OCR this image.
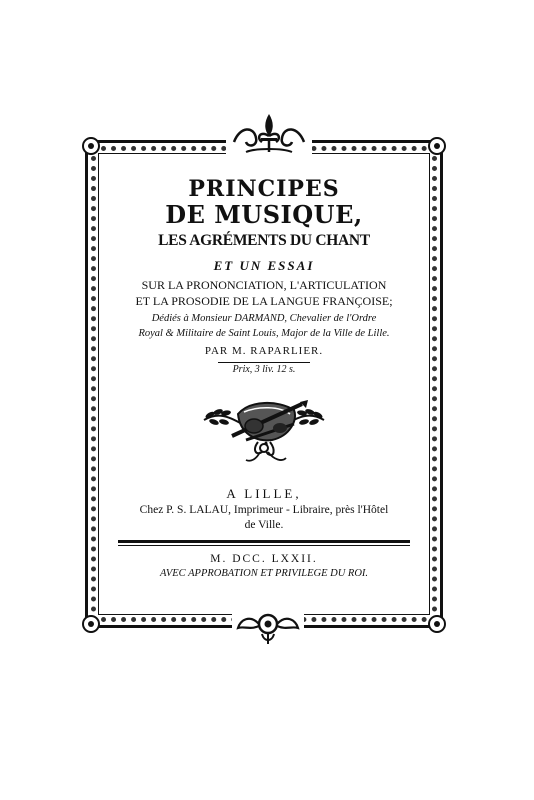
PRINCIPES
DE MUSIQUE,
LES AGRÉMENTS DU CHANT
ET UN ESSAI
SUR LA PRONONCIATION, L'ARTICULATION
ET LA PROSODIE DE LA LANGUE FRANÇOISE;
Dédiés à Monsieur DARMAND, Chevalier de l'Ordre
Royal & Militaire de Saint Louis, Major de la Ville de Lille.
PAR M. RAPARLIER.
Prix, 3 liv. 12 s.
A LILLE,
Chez P. S. LALAU, Imprimeur - Libraire, près l'Hôtel
de Ville.
M. DCC. LXXII.
AVEC APPROBATION ET PRIVILEGE DU ROI.
